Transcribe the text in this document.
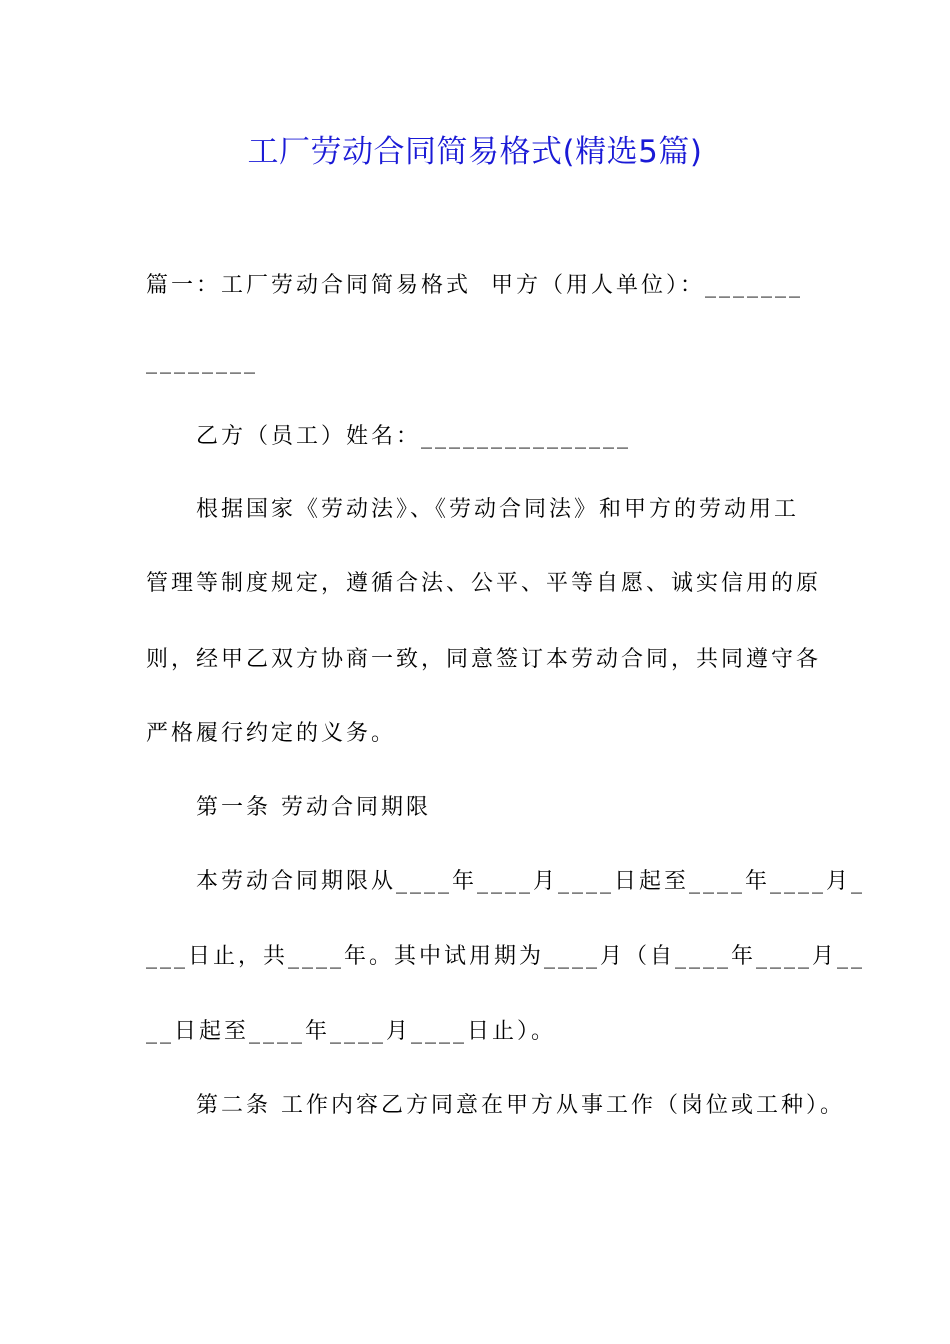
工厂劳动合同简易格式(精选5篇)
篇一：工厂劳动合同简易格式  甲方（用人单位）：_______
________
乙方（员工）姓名：_______________
根据国家《劳动法》、《劳动合同法》和甲方的劳动用工
管理等制度规定，遵循合法、公平、平等自愿、诚实信用的原
则，经甲乙双方协商一致，同意签订本劳动合同，共同遵守各
严格履行约定的义务。
第一条 劳动合同期限
本劳动合同期限从____年____月____日起至____年____月_
___日止，共____年。其中试用期为____月（自____年____月__
__日起至____年____月____日止）。
第二条 工作内容乙方同意在甲方从事工作（岗位或工种）。
